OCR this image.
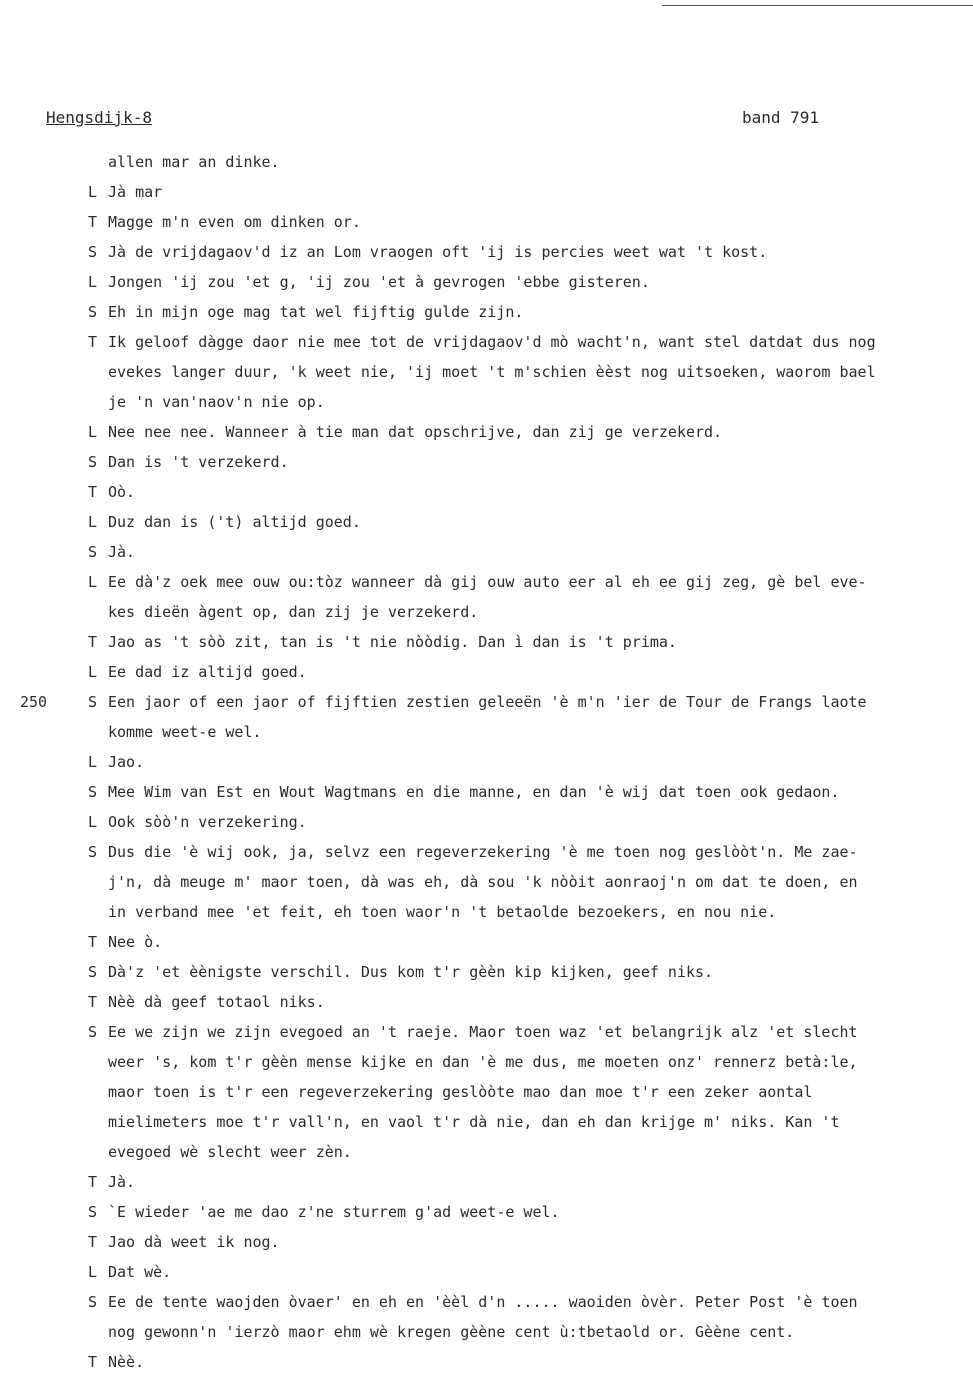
Hengsdijk-8	band 791
allen mar an dinke.
L Jà mar
T Magge m'n even om dinken or.
S Jà de vrijdagaov'd iz an Lom vraogen oft 'ij is percies weet wat 't kost.
L Jongen 'ij zou 'et g, 'ij zou 'et à gevrogen 'ebbe gisteren.
S Eh in mijn oge mag tat wel fijftig gulde zijn.
T Ik geloof dàgge daor nie mee tot de vrijdagaov'd mò wacht'n, want stel datdat dus nog
evekes langer duur, 'k weet nie, 'ij moet 't m'schien èèst nog uitsoeken, waorom bael
je 'n van'naov'n nie op.
L Nee nee nee. Wanneer à tie man dat opschrijve, dan zij ge verzekerd.
S Dan is 't verzekerd.
T Oò.
L Duz dan is ('t) altijd goed.
S Jà.
L Ee dà'z oek mee ouw ou:tòz wanneer dà gij ouw auto eer al eh ee gij zeg, gè bel eve-
kes dieën àgent op, dan zij je verzekerd.
T Jao as 't sòò zit, tan is 't nie nòòdig. Dan ì dan is 't prima.
L Ee dad iz altijd goed.
250	S Een jaor of een jaor of fijftien zestien geleeën 'è m'n 'ier de Tour de Frangs laote
komme weet-e wel.
L Jao.
S Mee Wim van Est en Wout Wagtmans en die manne, en dan 'è wij dat toen ook gedaon.
L Ook sòò'n verzekering.
S Dus die 'è wij ook, ja, selvz een regeverzekering 'è me toen nog geslòòt'n. Me zae-
j'n, dà meuge m' maor toen, dà was eh, dà sou 'k nòòit aonraoj'n om dat te doen, en
in verband mee 'et feit, eh toen waor'n 't betaolde bezoekers, en nou nie.
T Nee ò.
S Dà'z 'et èènigste verschil. Dus kom t'r gèèn kip kijken, geef niks.
T Nèè dà geef totaol niks.
S Ee we zijn we zijn evegoed an 't raeje. Maor toen waz 'et belangrijk alz 'et slecht
weer 's, kom t'r gèèn mense kijke en dan 'è me dus, me moeten onz' rennerz betà:le,
maor toen is t'r een regeverzekering geslòòte mao dan moe t'r een zeker aontal
mielimeters moe t'r vall'n, en vaol t'r dà nie, dan eh dan krijge m' niks. Kan 't
evegoed wè slecht weer zèn.
T Jà.
S `E wieder 'ae me dao z'ne sturrem g'ad weet-e wel.
T Jao dà weet ik nog.
L Dat wè.
S Ee de tente waojden òvaer' en eh en 'èèl d'n ..... waoiden òvèr. Peter Post 'è toen
nog gewonn'n 'ierzò maor ehm wè kregen gèène cent ù:tbetaold or. Gèène cent.
T Nèè.
